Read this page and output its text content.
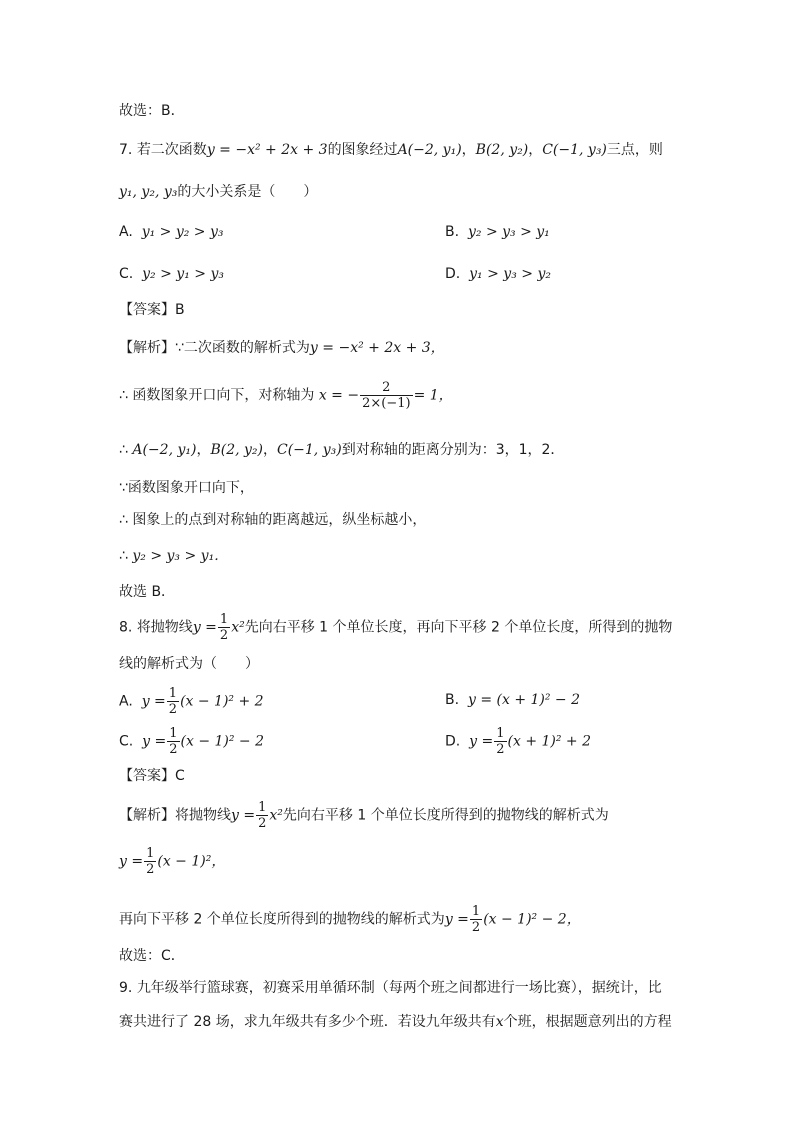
故选：B．
7. 若二次函数y = −x² + 2x + 3的图象经过A(−2, y₁)，B(2, y₂)，C(−1, y₃)三点，则
y₁, y₂, y₃的大小关系是（　　）
A. y₁ > y₂ > y₃	B. y₂ > y₃ > y₁
C. y₂ > y₁ > y₃	D. y₁ > y₃ > y₂
【答案】B
【解析】∵二次函数的解析式为y = −x² + 2x + 3，
∴ 函数图象开口向下，对称轴为 x = − $\frac{2}{2\times(-1)} = 1$，
∴ A(−2, y₁)，B(2, y₂)，C(−1, y₃)到对称轴的距离分别为：3，1，2．
∵函数图象开口向下，
∴ 图象上的点到对称轴的距离越远，纵坐标越小，
∴ y₂ > y₃ > y₁．
故选 B．
8. 将抛物线$y = \frac{1}{2} x^2$先向右平移 1 个单位长度，再向下平移 2 个单位长度，所得到的抛物
线的解析式为（　　）
A. $y = \frac{1}{2} (x - 1)^2 + 2$	B. y = (x + 1)² − 2
C. $y = \frac{1}{2} (x - 1)^2 - 2$	D. $y = \frac{1}{2} (x + 1)^2 + 2$
【答案】C
【解析】将抛物线$y = \frac{1}{2} x^2$先向右平移 1 个单位长度所得到的抛物线的解析式为
$y = \frac{1}{2} (x - 1)^2$，
再向下平移 2 个单位长度所得到的抛物线的解析式为$y = \frac{1}{2} (x - 1)^2 - 2$，
故选：C．
9. 九年级举行篮球赛，初赛采用单循环制（每两个班之间都进行一场比赛），据统计，比
赛共进行了 28 场，求九年级共有多少个班．若设九年级共有x个班，根据题意列出的方程
